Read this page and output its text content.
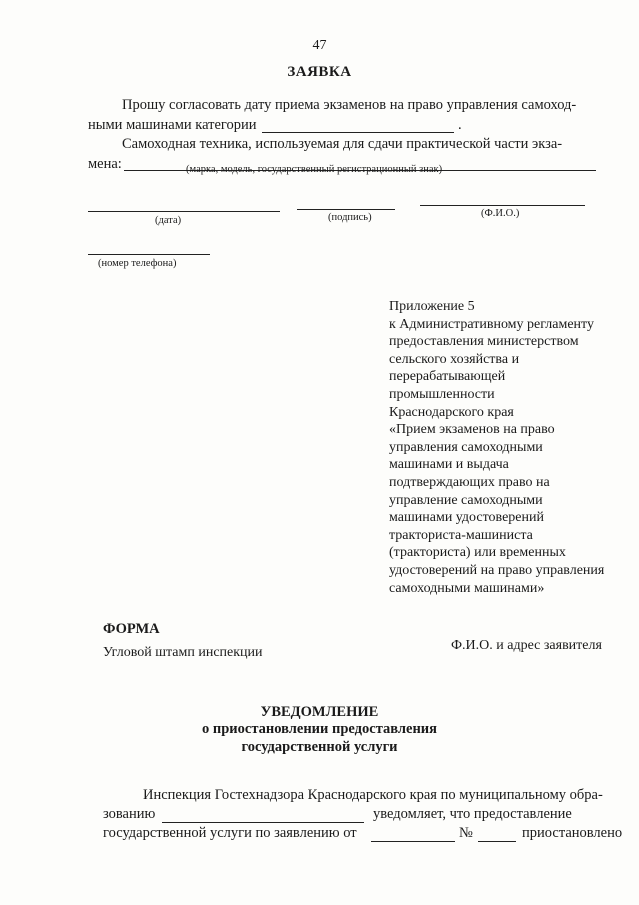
47
ЗАЯВКА
Прошу согласовать дату приема экзаменов на право управления самоход-
ными машинами категории	.
Самоходная техника, используемая для сдачи практической части экза-
мена:	(марка, модель, государственный регистрационный знак)
(дата)	(подпись)	(Ф.И.О.)
(номер телефона)
Приложение 5
к Административному регламенту
предоставления министерством
сельского хозяйства и
перерабатывающей
промышленности
Краснодарского края
«Прием экзаменов на право
управления самоходными
машинами и выдача
подтверждающих право на
управление самоходными
машинами удостоверений
тракториста-машиниста
(тракториста) или временных
удостоверений на право управления
самоходными машинами»
ФОРМА
Угловой штамп инспекции	Ф.И.О. и адрес заявителя
УВЕДОМЛЕНИЕ
о приостановлении предоставления
государственной услуги
Инспекция Гостехнадзора Краснодарского края по муниципальному обра-
зованию	уведомляет, что предоставление
государственной услуги по заявлению от	№	приостановлено
